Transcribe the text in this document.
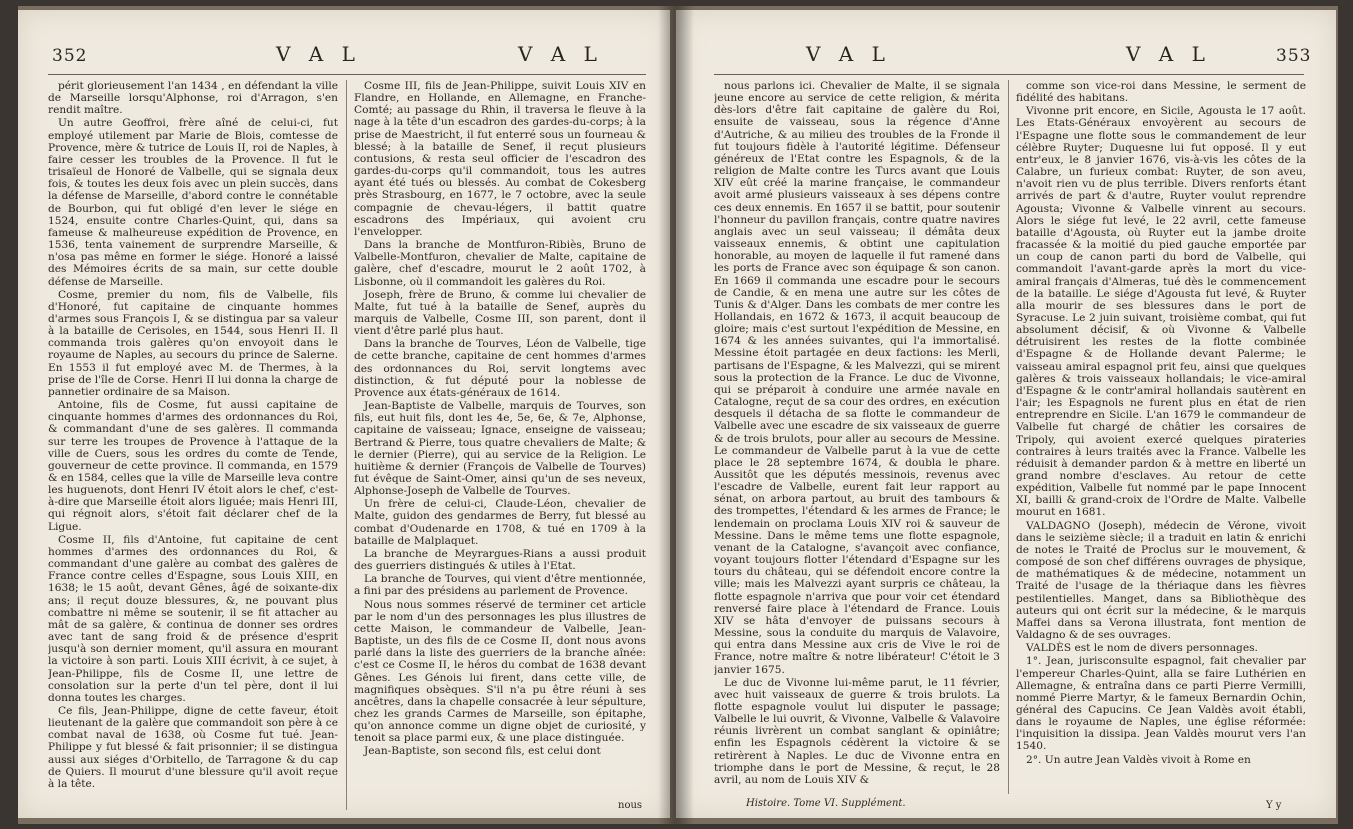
352	V A L	V A L

périt glorieusement l'an 1434 , en défendant la ville de Marseille lorsqu'Alphonse, roi d'Arragon, s'en rendit maître.

Un autre Geoffroi, frère aîné de celui-ci, fut employé utilement par Marie de Blois, comtesse de Provence, mère & tutrice de Louis II, roi de Naples, à faire cesser les troubles de la Provence. Il fut le trisaïeul de Honoré de Valbelle, qui se signala deux fois, & toutes les deux fois avec un plein succès, dans la défense de Marseille, d'abord contre le connétable de Bourbon, qui fut obligé d'en lever le siége en 1524, ensuite contre Charles-Quint, qui, dans sa fameuse & malheureuse expédition de Provence, en 1536, tenta vainement de surprendre Marseille, & n'osa pas même en former le siége. Honoré a laissé des Mémoires écrits de sa main, sur cette double défense de Marseille.

Cosme, premier du nom, fils de Valbelle, fils d'Honoré, fut capitaine de cinquante hommes d'armes sous François I, & se distingua par sa valeur à la bataille de Cerisoles, en 1544, sous Henri II. Il commanda trois galères qu'on envoyoit dans le royaume de Naples, au secours du prince de Salerne. En 1553 il fut employé avec M. de Thermes, à la prise de l'île de Corse. Henri II lui donna la charge de pannetier ordinaire de sa Maison.

Antoine, fils de Cosme, fut aussi capitaine de cinquante hommes d'armes des ordonnances du Roi, & commandant d'une de ses galères. Il commanda sur terre les troupes de Provence à l'attaque de la ville de Cuers, sous les ordres du comte de Tende, gouverneur de cette province. Il commanda, en 1579 & en 1584, celles que la ville de Marseille leva contre les huguenots, dont Henri IV étoit alors le chef, c'est-à-dire que Marseille étoit alors liguée; mais Henri III, qui régnoit alors, s'étoit fait déclarer chef de la Ligue.

Cosme II, fils d'Antoine, fut capitaine de cent hommes d'armes des ordonnances du Roi, & commandant d'une galère au combat des galères de France contre celles d'Espagne, sous Louis XIII, en 1638; le 15 août, devant Gênes, âgé de soixante-dix ans; il reçut douze blessures, &, ne pouvant plus combattre ni même se soutenir, il se fit attacher au mât de sa galère, & continua de donner ses ordres avec tant de sang froid & de présence d'esprit jusqu'à son dernier moment, qu'il assura en mourant la victoire à son parti. Louis XIII écrivit, à ce sujet, à Jean-Philippe, fils de Cosme II, une lettre de consolation sur la perte d'un tel père, dont il lui donna toutes les charges.

Ce fils, Jean-Philippe, digne de cette faveur, étoit lieutenant de la galère que commandoit son père à ce combat naval de 1638, où Cosme fut tué. Jean-Philippe y fut blessé & fait prisonnier; il se distingua aussi aux siéges d'Orbitello, de Tarragone & du cap de Quiers. Il mourut d'une blessure qu'il avoit reçue à la tête.

Cosme III, fils de Jean-Philippe, suivit Louis XIV en Flandre, en Hollande, en Allemagne, en Franche-Comté; au passage du Rhin, il traversa le fleuve à la nage à la tête d'un escadron des gardes-du-corps; à la prise de Maestricht, il fut enterré sous un fourneau & blessé; à la bataille de Senef, il reçut plusieurs contusions, & resta seul officier de l'escadron des gardes-du-corps qu'il commandoit, tous les autres ayant été tués ou blessés. Au combat de Cokesberg près Strasbourg, en 1677, le 7 octobre, avec la seule compagnie de chevau-légers, il battit quatre escadrons des Impériaux, qui avoient cru l'envelopper.

Dans la branche de Montfuron-Ribiès, Bruno de Valbelle-Montfuron, chevalier de Malte, capitaine de galère, chef d'escadre, mourut le 2 août 1702, à Lisbonne, où il commandoit les galères du Roi.

Joseph, frère de Bruno, & comme lui chevalier de Malte, fut tué à la bataille de Senef, auprès du marquis de Valbelle, Cosme III, son parent, dont il vient d'être parlé plus haut.

Dans la branche de Tourves, Léon de Valbelle, tige de cette branche, capitaine de cent hommes d'armes des ordonnances du Roi, servit longtems avec distinction, & fut député pour la noblesse de Provence aux états-généraux de 1614.

Jean-Baptiste de Valbelle, marquis de Tourves, son fils, eut huit fils, dont les 4e, 5e, 6e, & 7e, Alphonse, capitaine de vaisseau; Ignace, enseigne de vaisseau; Bertrand & Pierre, tous quatre chevaliers de Malte; & le dernier (Pierre), qui au service de la Religion. Le huitième & dernier (François de Valbelle de Tourves) fut évêque de Saint-Omer, ainsi qu'un de ses neveux, Alphonse-Joseph de Valbelle de Tourves.

Un frère de celui-ci, Claude-Léon, chevalier de Malte, guidon des gendarmes de Berry, fut blessé au combat d'Oudenarde en 1708, & tué en 1709 à la bataille de Malplaquet.

La branche de Meyrargues-Rians a aussi produit des guerriers distingués & utiles à l'Etat.

La branche de Tourves, qui vient d'être mentionnée, a fini par des présidens au parlement de Provence.

Nous nous sommes réservé de terminer cet article par le nom d'un des personnages les plus illustres de cette Maison, le commandeur de Valbelle, Jean-Baptiste, un des fils de ce Cosme II, dont nous avons parlé dans la liste des guerriers de la branche aînée: c'est ce Cosme II, le héros du combat de 1638 devant Gênes. Les Génois lui firent, dans cette ville, de magnifiques obsèques. S'il n'a pu être réuni à ses ancêtres, dans la chapelle consacrée à leur sépulture, chez les grands Carmes de Marseille, son épitaphe, qu'on annonce comme un digne objet de curiosité, y tenoit sa place parmi eux, & une place distinguée.

Jean-Baptiste, son second fils, est celui dont

nous
V A L	V A L	353

nous parlons ici. Chevalier de Malte, il se signala jeune encore au service de cette religion, & mérita dès-lors d'être fait capitaine de galère du Roi, ensuite de vaisseau, sous la régence d'Anne d'Autriche, & au milieu des troubles de la Fronde il fut toujours fidèle à l'autorité légitime. Défenseur généreux de l'Etat contre les Espagnols, & de la religion de Malte contre les Turcs avant que Louis XIV eût créé la marine française, le commandeur avoit armé plusieurs vaisseaux à ses dépens contre ces deux ennemis. En 1657 il se battit, pour soutenir l'honneur du pavillon français, contre quatre navires anglais avec un seul vaisseau; il démâta deux vaisseaux ennemis, & obtint une capitulation honorable, au moyen de laquelle il fut ramené dans les ports de France avec son équipage & son canon. En 1669 il commanda une escadre pour le secours de Candie, & en mena une autre sur les côtes de Tunis & d'Alger. Dans les combats de mer contre les Hollandais, en 1672 & 1673, il acquit beaucoup de gloire; mais c'est surtout l'expédition de Messine, en 1674 & les années suivantes, qui l'a immortalisé. Messine étoit partagée en deux factions: les Merli, partisans de l'Espagne, & les Malvezzi, qui se mirent sous la protection de la France. Le duc de Vivonne, qui se préparoit à conduire une armée navale en Catalogne, reçut de sa cour des ordres, en exécution desquels il détacha de sa flotte le commandeur de Valbelle avec une escadre de six vaisseaux de guerre & de trois brulots, pour aller au secours de Messine. Le commandeur de Valbelle parut à la vue de cette place le 28 septembre 1674, & doubla le phare. Aussitôt que les députés messinois, revenus avec l'escadre de Valbelle, eurent fait leur rapport au sénat, on arbora partout, au bruit des tambours & des trompettes, l'étendard & les armes de France; le lendemain on proclama Louis XIV roi & sauveur de Messine. Dans le même tems une flotte espagnole, venant de la Catalogne, s'avançoit avec confiance, voyant toujours flotter l'étendard d'Espagne sur les tours du château, qui se défendoit encore contre la ville; mais les Malvezzi ayant surpris ce château, la flotte espagnole n'arriva que pour voir cet étendard renversé faire place à l'étendard de France. Louis XIV se hâta d'envoyer de puissans secours à Messine, sous la conduite du marquis de Valavoire, qui entra dans Messine aux cris de Vive le roi de France, notre maître & notre libérateur! C'étoit le 3 janvier 1675.

Le duc de Vivonne lui-même parut, le 11 février, avec huit vaisseaux de guerre & trois brulots. La flotte espagnole voulut lui disputer le passage; Valbelle le lui ouvrit, & Vivonne, Valbelle & Valavoire réunis livrèrent un combat sanglant & opiniâtre; enfin les Espagnols cédèrent la victoire & se retirèrent à Naples. Le duc de Vivonne entra en triomphe dans le port de Messine, & reçut, le 28 avril, au nom de Louis XIV &

comme son vice-roi dans Messine, le serment de fidélité des habitans.

Vivonne prit encore, en Sicile, Agousta le 17 août. Les Etats-Généraux envoyèrent au secours de l'Espagne une flotte sous le commandement de leur célèbre Ruyter; Duquesne lui fut opposé. Il y eut entr'eux, le 8 janvier 1676, vis-à-vis les côtes de la Calabre, un furieux combat: Ruyter, de son aveu, n'avoit rien vu de plus terrible. Divers renforts étant arrivés de part & d'autre, Ruyter voulut reprendre Agousta; Vivonne & Valbelle vinrent au secours. Alors le siége fut levé, le 22 avril, cette fameuse bataille d'Agousta, où Ruyter eut la jambe droite fracassée & la moitié du pied gauche emportée par un coup de canon parti du bord de Valbelle, qui commandoit l'avant-garde après la mort du vice-amiral français d'Almeras, tué dès le commencement de la bataille. Le siége d'Agousta fut levé, & Ruyter alla mourir de ses blessures dans le port de Syracuse. Le 2 juin suivant, troisième combat, qui fut absolument décisif, & où Vivonne & Valbelle détruisirent les restes de la flotte combinée d'Espagne & de Hollande devant Palerme; le vaisseau amiral espagnol prit feu, ainsi que quelques galères & trois vaisseaux hollandais; le vice-amiral d'Espagne & le contr'amiral hollandais sautèrent en l'air; les Espagnols ne furent plus en état de rien entreprendre en Sicile. L'an 1679 le commandeur de Valbelle fut chargé de châtier les corsaires de Tripoly, qui avoient exercé quelques pirateries contraires à leurs traités avec la France. Valbelle les réduisit à demander pardon & à mettre en liberté un grand nombre d'esclaves. Au retour de cette expédition, Valbelle fut nommé par le pape Innocent XI, bailli & grand-croix de l'Ordre de Malte. Valbelle mourut en 1681.

VALDAGNO (Joseph), médecin de Vérone, vivoit dans le seizième siècle; il a traduit en latin & enrichi de notes le Traité de Proclus sur le mouvement, & composé de son chef différens ouvrages de physique, de mathématiques & de médecine, notamment un Traité de l'usage de la thériaque dans les fièvres pestilentielles. Manget, dans sa Bibliothèque des auteurs qui ont écrit sur la médecine, & le marquis Maffei dans sa Verona illustrata, font mention de Valdagno & de ses ouvrages.

VALDÈS est le nom de divers personnages.

1°. Jean, jurisconsulte espagnol, fait chevalier par l'empereur Charles-Quint, alla se faire Luthérien en Allemagne, & entraîna dans ce parti Pierre Vermilli, nommé Pierre Martyr, & le fameux Bernardin Ochin, général des Capucins. Ce Jean Valdès avoit établi, dans le royaume de Naples, une église réformée: l'inquisition la dissipa. Jean Valdès mourut vers l'an 1540.

2°. Un autre Jean Valdès vivoit à Rome en

Histoire. Tome VI. Supplément.	Y y
